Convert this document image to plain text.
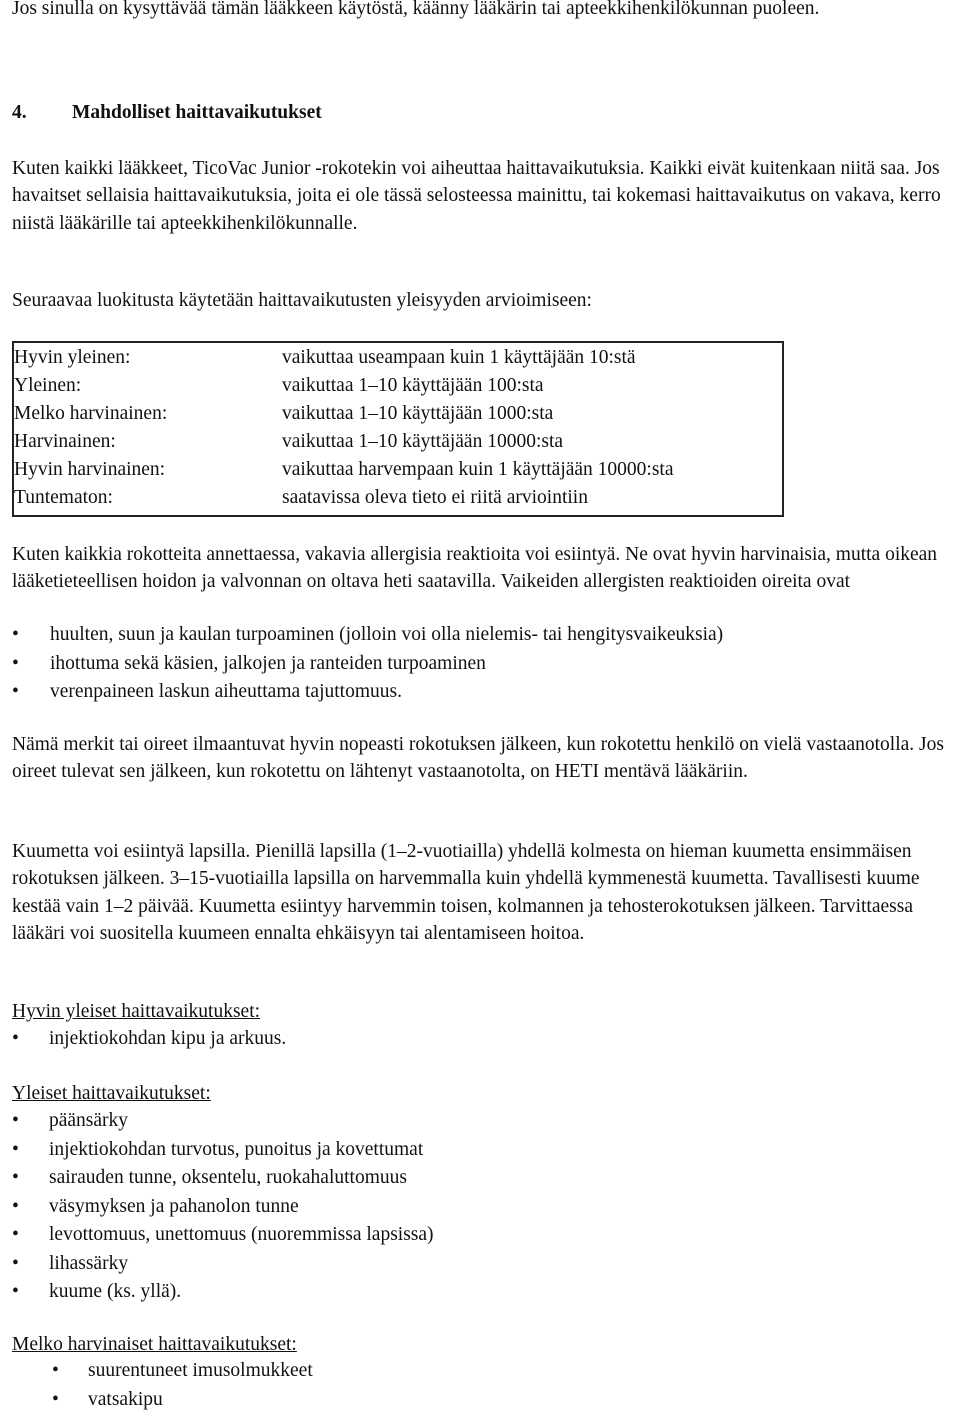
Jos sinulla on kysyttävää tämän lääkkeen käytöstä, käänny lääkärin tai apteekkihenkilökunnan puoleen.

4. Mahdolliset haittavaikutukset

Kuten kaikki lääkkeet, TicoVac Junior -rokotekin voi aiheuttaa haittavaikutuksia. Kaikki eivät kuitenkaan niitä saa. Jos havaitset sellaisia haittavaikutuksia, joita ei ole tässä selosteessa mainittu, tai kokemasi haittavaikutus on vakava, kerro niistä lääkärille tai apteekkihenkilökunnalle.

Seuraavaa luokitusta käytetään haittavaikutusten yleisyyden arvioimiseen:

Hyvin yleinen:	vaikuttaa useampaan kuin 1 käyttäjään 10:stä
Yleinen:	vaikuttaa 1–10 käyttäjään 100:sta
Melko harvinainen:	vaikuttaa 1–10 käyttäjään 1000:sta
Harvinainen:	vaikuttaa 1–10 käyttäjään 10000:sta
Hyvin harvinainen:	vaikuttaa harvempaan kuin 1 käyttäjään 10000:sta
Tuntematon:	saatavissa oleva tieto ei riitä arviointiin

Kuten kaikkia rokotteita annettaessa, vakavia allergisia reaktioita voi esiintyä. Ne ovat hyvin harvinaisia, mutta oikean lääketieteellisen hoidon ja valvonnan on oltava heti saatavilla. Vaikeiden allergisten reaktioiden oireita ovat

• huulten, suun ja kaulan turpoaminen (jolloin voi olla nielemis- tai hengitysvaikeuksia)
• ihottuma sekä käsien, jalkojen ja ranteiden turpoaminen
• verenpaineen laskun aiheuttama tajuttomuus.

Nämä merkit tai oireet ilmaantuvat hyvin nopeasti rokotuksen jälkeen, kun rokotettu henkilö on vielä vastaanotolla. Jos oireet tulevat sen jälkeen, kun rokotettu on lähtenyt vastaanotolta, on HETI mentävä lääkäriin.

Kuumetta voi esiintyä lapsilla. Pienillä lapsilla (1–2-vuotiailla) yhdellä kolmesta on hieman kuumetta ensimmäisen rokotuksen jälkeen. 3–15-vuotiailla lapsilla on harvemmalla kuin yhdellä kymmenestä kuumetta. Tavallisesti kuume kestää vain 1–2 päivää. Kuumetta esiintyy harvemmin toisen, kolmannen ja tehosterokotuksen jälkeen. Tarvittaessa lääkäri voi suositella kuumeen ennalta ehkäisyyn tai alentamiseen hoitoa.

Hyvin yleiset haittavaikutukset:
• injektiokohdan kipu ja arkuus.
Yleiset haittavaikutukset:
• päänsärky
• injektiokohdan turvotus, punoitus ja kovettumat
• sairauden tunne, oksentelu, ruokahaluttomuus
• väsymyksen ja pahanolon tunne
• levottomuus, unettomuus (nuoremmissa lapsissa)
• lihassärky
• kuume (ks. yllä).
Melko harvinaiset haittavaikutukset:
• suurentuneet imusolmukkeet
• vatsakipu
